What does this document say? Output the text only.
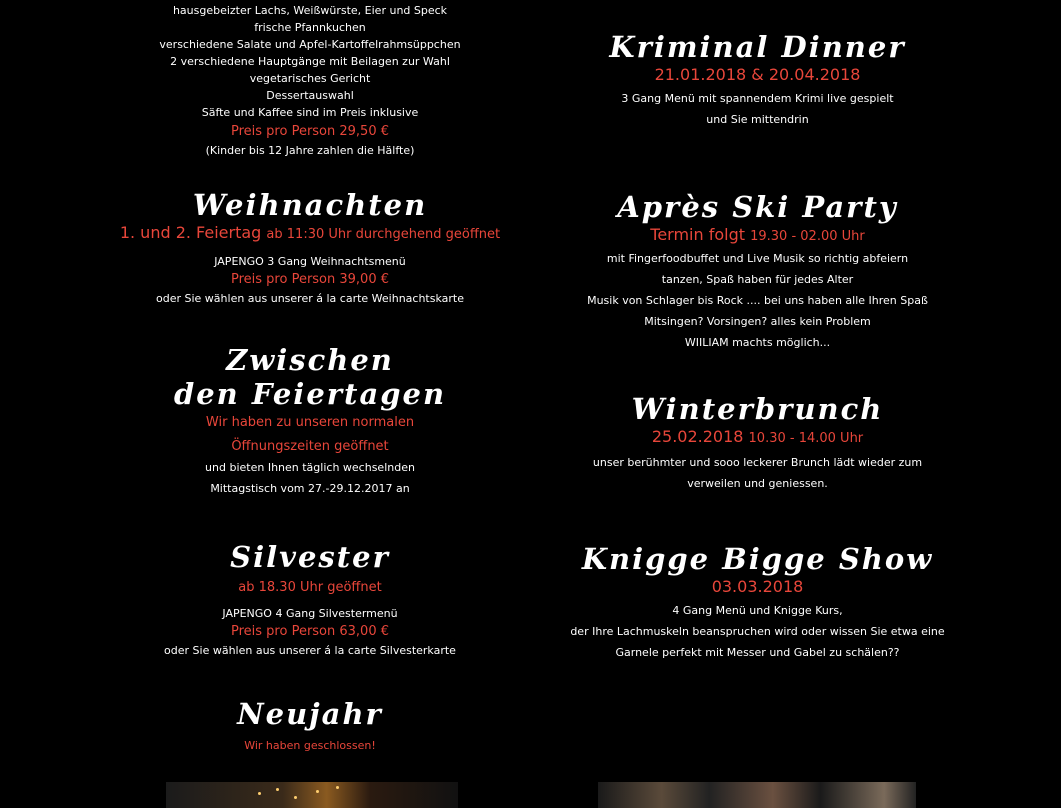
hausgebeizter Lachs, Weißwürste, Eier und Speck
frische Pfannkuchen
verschiedene Salate und Apfel-Kartoffelrahmsüppchen
2 verschiedene Hauptgänge mit Beilagen zur Wahl
vegetarisches Gericht
Dessertauswahl
Säfte und Kaffee sind im Preis inklusive
Preis pro Person 29,50 €
(Kinder bis 12 Jahre zahlen die Hälfte)
Weihnachten
1. und 2. Feiertag ab 11:30 Uhr durchgehend geöffnet
JAPENGO 3 Gang Weihnachtsmenü
Preis pro Person 39,00 €
oder Sie wählen aus unserer á la carte Weihnachtskarte
Zwischen
den Feiertagen
Wir haben zu unseren normalen
Öffnungszeiten geöffnet
und bieten Ihnen täglich wechselnden
Mittagstisch vom 27.-29.12.2017 an
Silvester
ab 18.30 Uhr geöffnet
JAPENGO 4 Gang Silvestermenü
Preis pro Person 63,00 €
oder Sie wählen aus unserer á la carte Silvesterkarte
Neujahr
Wir haben geschlossen!
Kriminal Dinner
21.01.2018 & 20.04.2018
3 Gang Menü mit spannendem Krimi live gespielt
und Sie mittendrin
Après Ski Party
Termin folgt 19.30 - 02.00 Uhr
mit Fingerfoodbuffet und Live Musik so richtig abfeiern
tanzen, Spaß haben für jedes Alter
Musik von Schlager bis Rock .... bei uns haben alle Ihren Spaß
Mitsingen? Vorsingen? alles kein Problem
WIILIAM machts möglich...
Winterbrunch
25.02.2018 10.30 - 14.00 Uhr
unser berühmter und sooo leckerer Brunch lädt wieder zum
verweilen und geniessen.
Knigge Bigge Show
03.03.2018
4 Gang Menü und Knigge Kurs,
der Ihre Lachmuskeln beanspruchen wird oder wissen Sie etwa eine
Garnele perfekt mit Messer und Gabel zu schälen??
